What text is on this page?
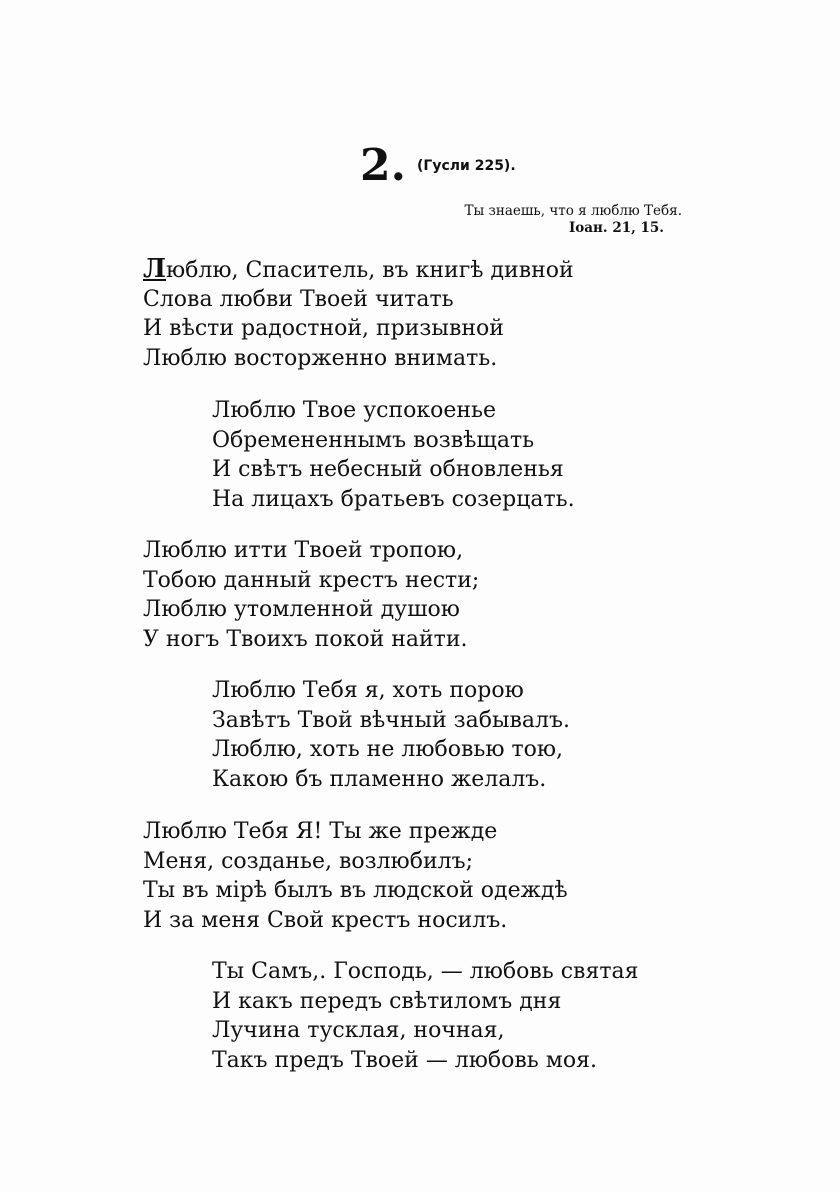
2. (Гусли 225).
Ты знаешь, что я люблю Тебя.
Іоан. 21, 15.
Люблю, Спаситель, въ книгѣ дивной
Слова любви Твоей читать
И вѣсти радостной, призывной
Люблю восторженно внимать.
Люблю Твое успокоенье
Обремененнымъ возвѣщать
И свѣтъ небесный обновленья
На лицахъ братьевъ созерцать.
Люблю итти Твоей тропою,
Тобою данный крестъ нести;
Люблю утомленной душою
У ногъ Твоихъ покой найти.
Люблю Тебя я, хоть порою
Завѣтъ Твой вѣчный забывалъ.
Люблю, хоть не любовью тою,
Какою бъ пламенно желалъ.
Люблю Тебя Я! Ты же прежде
Меня, созданье, возлюбилъ;
Ты въ мірѣ былъ въ людской одеждѣ
И за меня Свой крестъ носилъ.
Ты Самъ,. Господь, — любовь святая
И какъ передъ свѣтиломъ дня
Лучина тусклая, ночная,
Такъ предъ Твоей — любовь моя.
